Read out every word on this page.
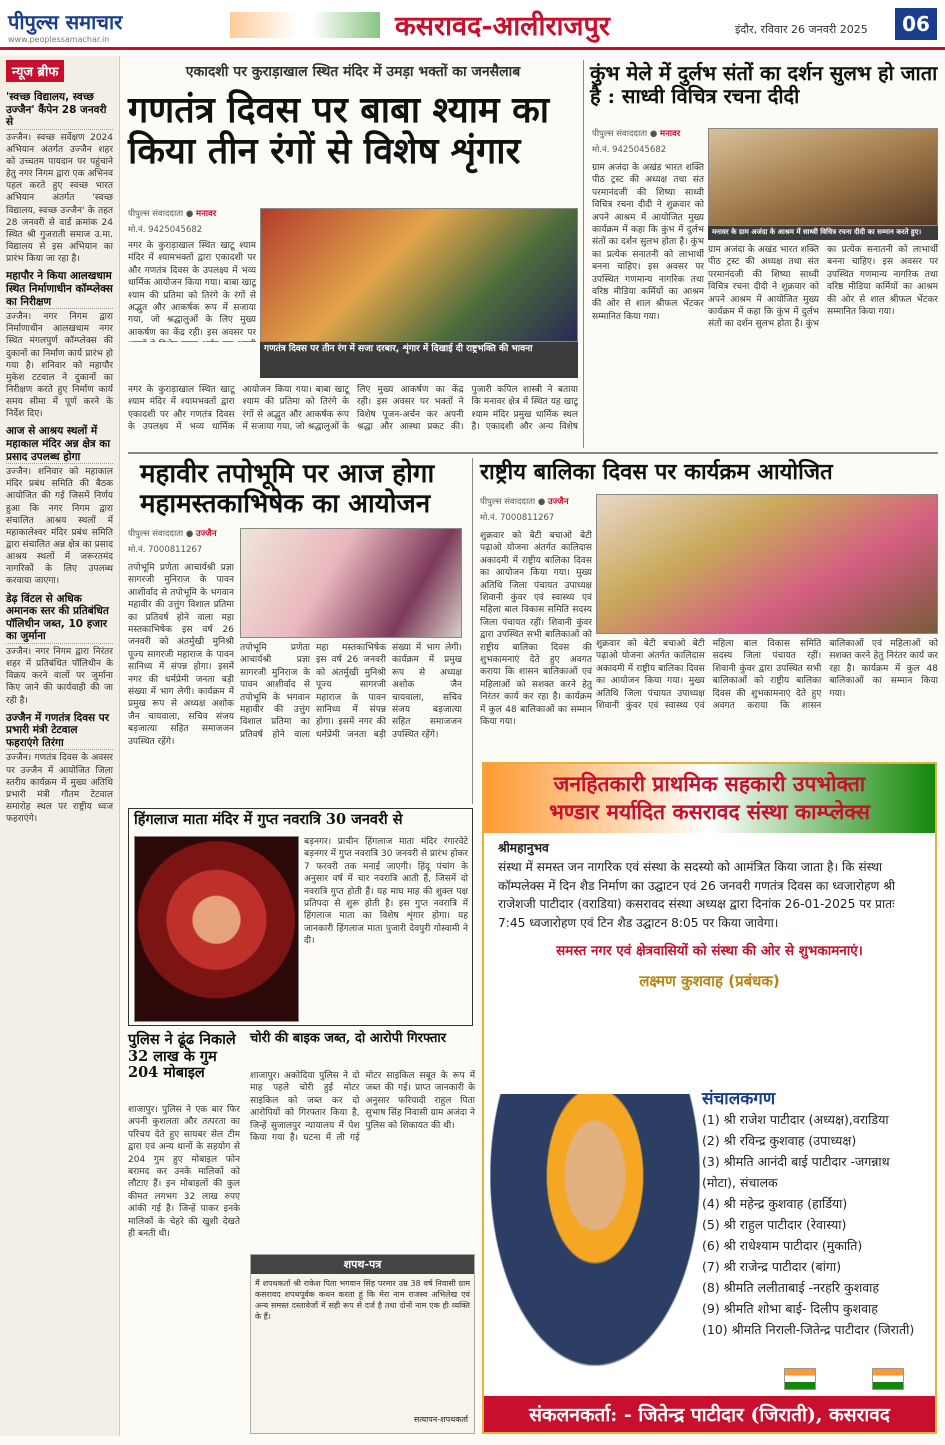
पीपुल्स समाचार
www.peoplessamachar.in	कसरावद-आलीराजपुर	इंदौर, रविवार 26 जनवरी 2025	06
न्यूज ब्रीफ
'स्वच्छ विद्यालय, स्वच्छ उज्जैन' कैंपेन 28 जनवरी से
उज्जैन। स्वच्छ सर्वेक्षण 2024 अभियान अंतर्गत उज्जैन शहर को उच्चतम पायदान पर पहुंचाने हेतु नगर निगम द्वारा एक अभिनव पहल करते हुए स्वच्छ भारत अभियान अंतर्गत 'स्वच्छ विद्यालय, स्वच्छ उज्जैन' के तहत 28 जनवरी से वार्ड क्रमांक 24 स्थित श्री गुजराती समाज उ.मा. विद्यालय से इस अभियान का प्रारंभ किया जा रहा है।
महापौर ने किया आलखधाम स्थित निर्माणाधीन कॉम्प्लेक्स का निरीक्षण
उज्जैन। नगर निगम द्वारा निर्माणाधीन आलखधाम नगर स्थित मंगलपुर्ण कॉम्प्लेक्स की दुकानों का निर्माण कार्य प्रारंभ हो गया है। शनिवार को महापौर मुकेश टटवाल ने दुकानों का निरीक्षण करते हुए निर्माण कार्य समय सीमा में पूर्ण करने के निर्देश दिए।
आज से आश्रय स्थलों में महाकाल मंदिर अन्न क्षेत्र का प्रसाद उपलब्ध होगा
उज्जैन। शनिवार को महाकाल मंदिर प्रबंध समिति की बैठक आयोजित की गई जिसमें निर्णय हुआ कि नगर निगम द्वारा संचालित आश्रय स्थलों में महाकालेश्वर मंदिर प्रबंध समिति द्वारा संचालित अन्न क्षेत्र का प्रसाद आश्रय स्थलों में जरूरतमंद नागरिकों के लिए उपलब्ध करवाया जाएगा।
डेढ़ विंटल से अधिक अमानक स्तर की प्रतिबंधित पॉलिथीन जब्त, 10 हजार का जुर्माना
उज्जैन। नगर निगम द्वारा निरंतर शहर में प्रतिबंधित पॉलिथीन के विक्रय करने वालों पर जुर्माना किए जाने की कार्यवाही की जा रही है।
उज्जैन में गणतंत्र दिवस पर प्रभारी मंत्री टेटवाल फहराएंगे तिरंगा
उज्जैन। गणतंत्र दिवस के अवसर पर उज्जैन में आयोजित जिला स्तरीय कार्यक्रम में मुख्य अतिथि प्रभारी मंत्री गौतम टेटवाल समारोह स्थल पर राष्ट्रीय ध्वज फहराएंगे।
एकादशी पर कुराड़ाखाल स्थित मंदिर में उमड़ा भक्तों का जनसैलाब
गणतंत्र दिवस पर बाबा श्याम का किया तीन रंगों से विशेष शृंगार
पीपुल्स संवाददाता ● मनावर
मो.नं. 9425045682
नगर के कुराड़ाखाल स्थित खाटू श्याम मंदिर में श्यामभक्तों द्वारा एकादशी पर और गणतंत्र दिवस के उपलक्ष्य में भव्य धार्मिक आयोजन किया गया। बाबा खाटू श्याम की प्रतिमा को तिरंगे के रंगों से अद्भुत और आकर्षक रूप में सजाया गया, जो श्रद्धालुओं के लिए मुख्य आकर्षण का केंद्र रही। इस अवसर पर
गणतंत्र दिवस पर तीन रंग में सजा दरबार, शृंगार में दिखाई दी राष्ट्रभक्ति की भावना
नगर के कुराड़ाखाल स्थित खाटू श्याम मंदिर में श्यामभक्तों द्वारा एकादशी पर और गणतंत्र दिवस के उपलक्ष्य में भव्य धार्मिक आयोजन किया गया। बाबा खाटू श्याम की प्रतिमा को तिरंगे के रंगों से अद्भुत और आकर्षक रूप में सजाया गया, जो श्रद्धालुओं के लिए मुख्य आकर्षण का केंद्र रही। इस अवसर पर भक्तों ने विशेष पूजन-अर्चन कर अपनी श्रद्धा और आस्था प्रकट की। पुजारी कपिल शास्त्री ने बताया कि मनावर क्षेत्र में स्थित यह खाटू श्याम मंदिर प्रमुख धार्मिक स्थल है। एकादशी और अन्य विशेष
कुंभ मेले में दुर्लभ संतों का दर्शन सुलभ हो जाता है : साध्वी विचित्र रचना दीदी
पीपुल्स संवाददाता ● मनावर
मो.नं. 9425045682
मनावर के ग्राम अजंदा के आश्रम में साध्वी विचित्र रचना दीदी का सम्मान करते हुए।
ग्राम अजंदा के अखंड भारत शक्ति पीठ ट्रस्ट की अध्यक्ष तथा संत परमानंदजी की शिष्या साध्वी विचित्र रचना दीदी ने शुक्रवार को अपने आश्रम में आयोजित मुख्य कार्यक्रम में कहा कि कुंभ में दुर्लभ संतों का दर्शन सुलभ होता है। कुंभ का प्रत्येक सनातनी को लाभार्थी बनना चाहिए। इस अवसर पर उपस्थित गणमान्य नागरिक तथा वरिष्ठ मीडिया कर्मियों का आश्रम की ओर से शाल श्रीफल भेंटकर सम्मानित किया गया।
ग्राम अजंदा के अखंड भारत शक्ति पीठ ट्रस्ट की अध्यक्ष तथा संत परमानंदजी की शिष्या साध्वी विचित्र रचना दीदी ने शुक्रवार को अपने आश्रम में आयोजित मुख्य कार्यक्रम में कहा कि कुंभ में दुर्लभ संतों का दर्शन सुलभ होता है। कुंभ का प्रत्येक सनातनी को लाभार्थी बनना चाहिए। इस अवसर पर उपस्थित गणमान्य नागरिक तथा वरिष्ठ मीडिया कर्मियों का आश्रम की ओर से शाल श्रीफल भेंटकर सम्मानित किया गया।
महावीर तपोभूमि पर आज होगा महामस्तकाभिषेक का आयोजन
पीपुल्स संवाददाता ● उज्जैन
मो.नं. 7000811267
तपोभूमि प्रणेता आचार्यश्री प्रज्ञा सागरजी मुनिराज के पावन आशीर्वाद से तपोभूमि के भगवान महावीर की उत्तुंग विशाल प्रतिमा का प्रतिवर्ष होने वाला महा मस्तकाभिषेक इस वर्ष 26 जनवरी को अंतर्मुखी मुनिश्री पूज्य सागरजी महाराज के पावन सानिध्य में संपन्न होगा। इसमें नगर की धर्मप्रेमी जनता बड़ी संख्या में भाग लेगी। कार्यक्रम में प्रमुख रूप से अध्यक्ष अशोक जैन चायवाला, सचिव संजय बड़जात्या सहित समाजजन उपस्थित रहेंगे।
तपोभूमि प्रणेता आचार्यश्री प्रज्ञा सागरजी मुनिराज के पावन आशीर्वाद से तपोभूमि के भगवान महावीर की उत्तुंग विशाल प्रतिमा का प्रतिवर्ष होने वाला महा मस्तकाभिषेक इस वर्ष 26 जनवरी को अंतर्मुखी मुनिश्री पूज्य सागरजी महाराज के पावन सानिध्य में संपन्न होगा। इसमें नगर की धर्मप्रेमी जनता बड़ी संख्या में भाग लेगी। कार्यक्रम में प्रमुख रूप से अध्यक्ष अशोक जैन चायवाला, सचिव संजय बड़जात्या सहित समाजजन उपस्थित रहेंगे।
राष्ट्रीय बालिका दिवस पर कार्यक्रम आयोजित
पीपुल्स संवाददाता ● उज्जैन
मो.नं. 7000811267
शुक्रवार को बेटी बचाओ बेटी पढ़ाओ योजना अंतर्गत कालिदास अकादमी में राष्ट्रीय बालिका दिवस का आयोजन किया गया। मुख्य अतिथि जिला पंचायत उपाध्यक्ष शिवानी कुंवर एवं स्वास्थ्य एवं महिला बाल विकास समिति सदस्य जिला पंचायत रहीं। शिवानी कुंवर द्वारा उपस्थित सभी बालिकाओं को राष्ट्रीय बालिका दिवस की शुभकामनाएं देते हुए अवगत कराया कि शासन बालिकाओं एवं महिलाओं को सशक्त करने हेतु निरंतर कार्य कर रहा है। कार्यक्रम में कुल 48 बालिकाओं का सम्मान किया गया।
शुक्रवार को बेटी बचाओ बेटी पढ़ाओ योजना अंतर्गत कालिदास अकादमी में राष्ट्रीय बालिका दिवस का आयोजन किया गया। मुख्य अतिथि जिला पंचायत उपाध्यक्ष शिवानी कुंवर एवं स्वास्थ्य एवं महिला बाल विकास समिति सदस्य जिला पंचायत रहीं। शिवानी कुंवर द्वारा उपस्थित सभी बालिकाओं को राष्ट्रीय बालिका दिवस की शुभकामनाएं देते हुए अवगत कराया कि शासन बालिकाओं एवं महिलाओं को सशक्त करने हेतु निरंतर कार्य कर रहा है। कार्यक्रम में कुल 48 बालिकाओं का सम्मान किया गया।
हिंगलाज माता मंदिर में गुप्त नवरात्रि 30 जनवरी से
बड़नगर। प्राचीन हिंगलाज माता मंदिर रंगारवेटे बड़नगर में गुप्त नवरात्रि 30 जनवरी से प्रारंभ होकर 7 फरवरी तक मनाई जाएगी। हिंदू पंचांग के अनुसार वर्ष में चार नवरात्रि आती हैं, जिसमें दो नवरात्रि गुप्त होती हैं। यह माघ माह की शुक्ल पक्ष प्रतिपदा से शुरू होती है। इस गुप्त नवरात्रि में हिंगलाज माता का विशेष शृंगार होगा। यह जानकारी हिंगलाज माता पुजारी देवपुरी गोस्वामी ने दी।
पुलिस ने ढूंढ निकाले 32 लाख के गुम 204 मोबाइल
शाजापुर। पुलिस ने एक बार फिर अपनी कुशलता और तत्परता का परिचय देते हुए सायबर सेल टीम द्वारा एवं अन्य थानों के सहयोग से 204 गुम हुए मोबाइल फोन बरामद कर उनके मालिकों को लौटाए हैं। इन मोबाइलों की कुल कीमत लगभग 32 लाख रुपए आंकी गई है। जिन्हें पाकर इनके मालिकों के चेहरे की खुशी देखते ही बनती थी।
चोरी की बाइक जब्त, दो आरोपी गिरफ्तार
शाजापुर। अकोदिया पुलिस ने दो माह पहले चोरी हुई मोटर साइकिल को जब्त कर दो आरोपियों को गिरफ्तार किया है, जिन्हें सुजालपुर न्यायालय में पेश किया गया है। घटना में ली गई मोटर साइकिल सबूत के रूप में जब्त की गई। प्राप्त जानकारी के अनुसार फरियादी राहुल पिता सुभाष सिंह निवासी ग्राम अजंदा ने पुलिस को शिकायत की थी।
शपथ-पत्र
मैं शपथकर्ता श्री राकेश पिता भगवान सिंह परमार उम्र 38 वर्ष निवासी ग्राम कसरावद शपथपूर्वक कथन करता हूं कि मेरा नाम राजस्व अभिलेख एवं अन्य समस्त दस्तावेजों में सही रूप से दर्ज है तथा दोनों नाम एक ही व्यक्ति के हैं।
सत्यापन-शपथकर्ता
जनहितकारी प्राथमिक सहकारी उपभोक्ता
भण्डार मर्यादित कसरावद संस्था काम्प्लेक्स
श्रीमहानुभव
संस्था में समस्त जन नागरिक एवं संस्था के सदस्यो को आमंत्रित किया जाता है। कि संस्था कॉम्पलेक्स में दिन शैड निर्माण का उद्घाटन एवं 26 जनवरी गणतंत्र दिवस का ध्वजारोहण श्री राजेशजी पाटीदार (वराडिया) कसरावद संस्था अध्यक्ष द्वारा दिनांक 26-01-2025 पर प्रातः 7:45 ध्वजारोहण एवं टिन शैड उद्घाटन 8:05 पर किया जावेगा।
समस्त नगर एवं क्षेत्रवासियों को संस्था की ओर से शुभकामनाएं।
लक्ष्मण कुशवाह (प्रबंधक)
संचालकगण
(1) श्री राजेश पाटीदार (अध्यक्ष),वराडिया
(2) श्री रविन्द्र कुशवाह (उपाध्यक्ष)
(3) श्रीमति आनंदी बाई पाटीदार -जगन्नाथ
(मोटा), संचालक
(4) श्री महेन्द्र कुशवाह (हार्डिया)
(5) श्री राहुल पाटीदार (रेवास्या)
(6) श्री राधेश्याम पाटीदार (मुकाति)
(7) श्री राजेन्द्र पाटीदार (बांगा)
(8) श्रीमति ललीताबाई -नरहरि कुशवाह
(9) श्रीमति शोभा बाई- दिलीप कुशवाह
(10) श्रीमति निराली-जितेन्द्र पाटीदार (जिराती)
संकलनकर्ता: - जितेन्द्र पाटीदार (जिराती), कसरावद
